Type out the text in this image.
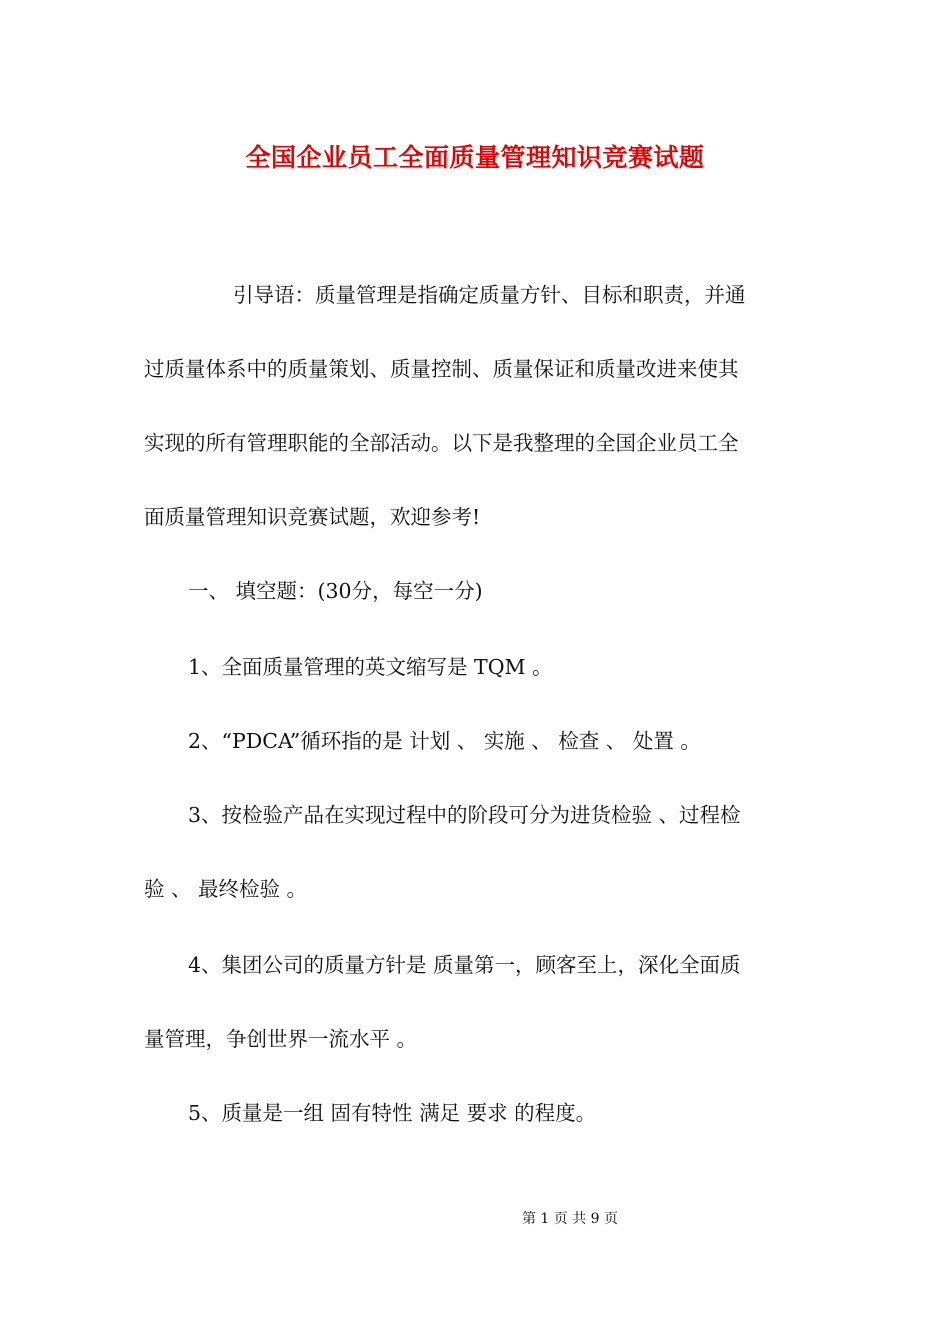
全国企业员工全面质量管理知识竞赛试题
引导语：质量管理是指确定质量方针、目标和职责，并通
过质量体系中的质量策划、质量控制、质量保证和质量改进来使其
实现的所有管理职能的全部活动。以下是我整理的全国企业员工全
面质量管理知识竞赛试题，欢迎参考!
一、 填空题：(30分，每空一分)
1、全面质量管理的英文缩写是 TQM 。
2、“PDCA”循环指的是 计划 、 实施 、 检查 、 处置 。
3、按检验产品在实现过程中的阶段可分为进货检验 、过程检
验 、 最终检验 。
4、集团公司的质量方针是 质量第一，顾客至上，深化全面质
量管理，争创世界一流水平 。
5、质量是一组 固有特性 满足 要求 的程度。
第 1 页 共 9 页
